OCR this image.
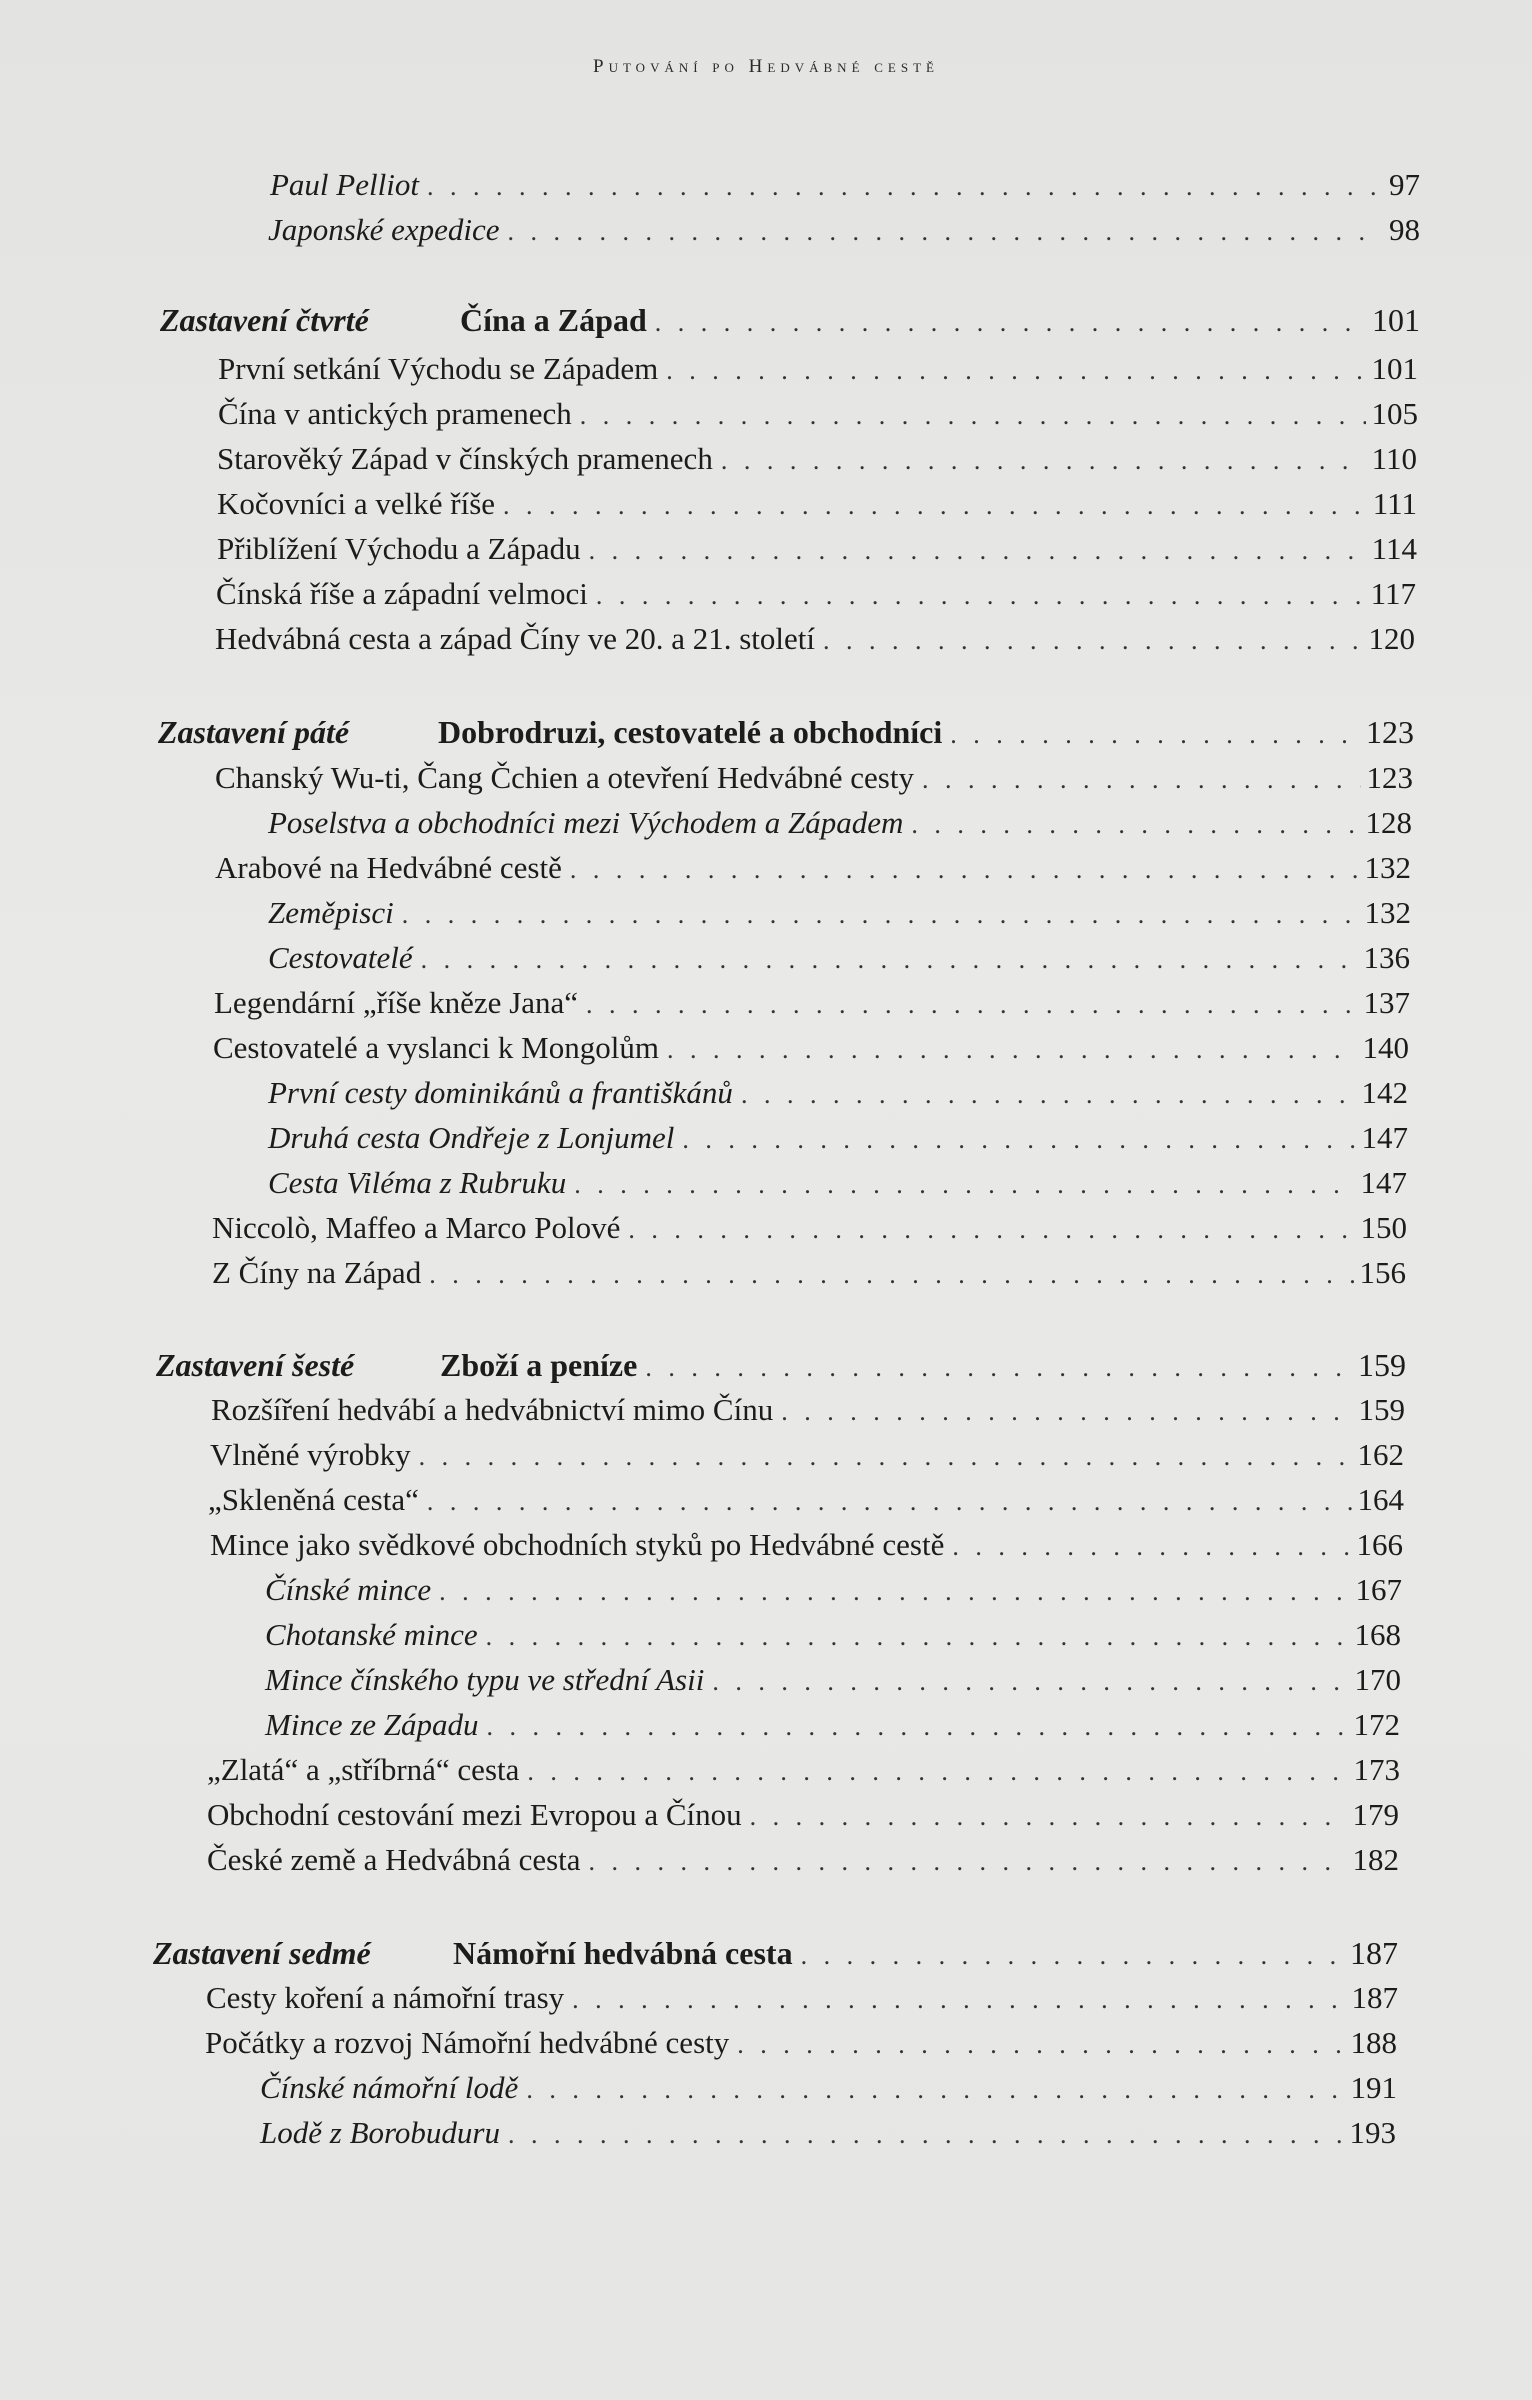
Putování po Hedvábné cestě
Paul Pelliot . . .	97
Japonské expedice . . .	98
Zastavení čtvrté	Čína a Západ . . .	101
První setkání Východu se Západem . . .	101
Čína v antických pramenech . . .	105
Starověký Západ v čínských pramenech . . .	110
Kočovníci a velké říše . . .	111
Přiblížení Východu a Západu . . .	114
Čínská říše a západní velmoci . . .	117
Hedvábná cesta a západ Číny ve 20. a 21. století . . .	120
Zastavení páté	Dobrodruzi, cestovatelé a obchodníci . . .	123
Chanský Wu-ti, Čang Čchien a otevření Hedvábné cesty . . .	123
Poselstva a obchodníci mezi Východem a Západem . . .	128
Arabové na Hedvábné cestě . . .	132
Zeměpisci . . .	132
Cestovatelé . . .	136
Legendární „říše kněze Jana“ . . .	137
Cestovatelé a vyslanci k Mongolům . . .	140
První cesty dominikánů a františkánů . . .	142
Druhá cesta Ondřeje z Lonjumel . . .	147
Cesta Viléma z Rubruku . . .	147
Niccolò, Maffeo a Marco Polové . . .	150
Z Číny na Západ . . .	156
Zastavení šesté	Zboží a peníze . . .	159
Rozšíření hedvábí a hedvábnictví mimo Čínu . . .	159
Vlněné výrobky . . .	162
„Skleněná cesta“ . . .	164
Mince jako svědkové obchodních styků po Hedvábné cestě . . .	166
Čínské mince . . .	167
Chotanské mince . . .	168
Mince čínského typu ve střední Asii . . .	170
Mince ze Západu . . .	172
„Zlatá“ a „stříbrná“ cesta . . .	173
Obchodní cestování mezi Evropou a Čínou . . .	179
České země a Hedvábná cesta . . .	182
Zastavení sedmé	Námořní hedvábná cesta . . .	187
Cesty koření a námořní trasy . . .	187
Počátky a rozvoj Námořní hedvábné cesty . . .	188
Čínské námořní lodě . . .	191
Lodě z Borobuduru . . .	193
